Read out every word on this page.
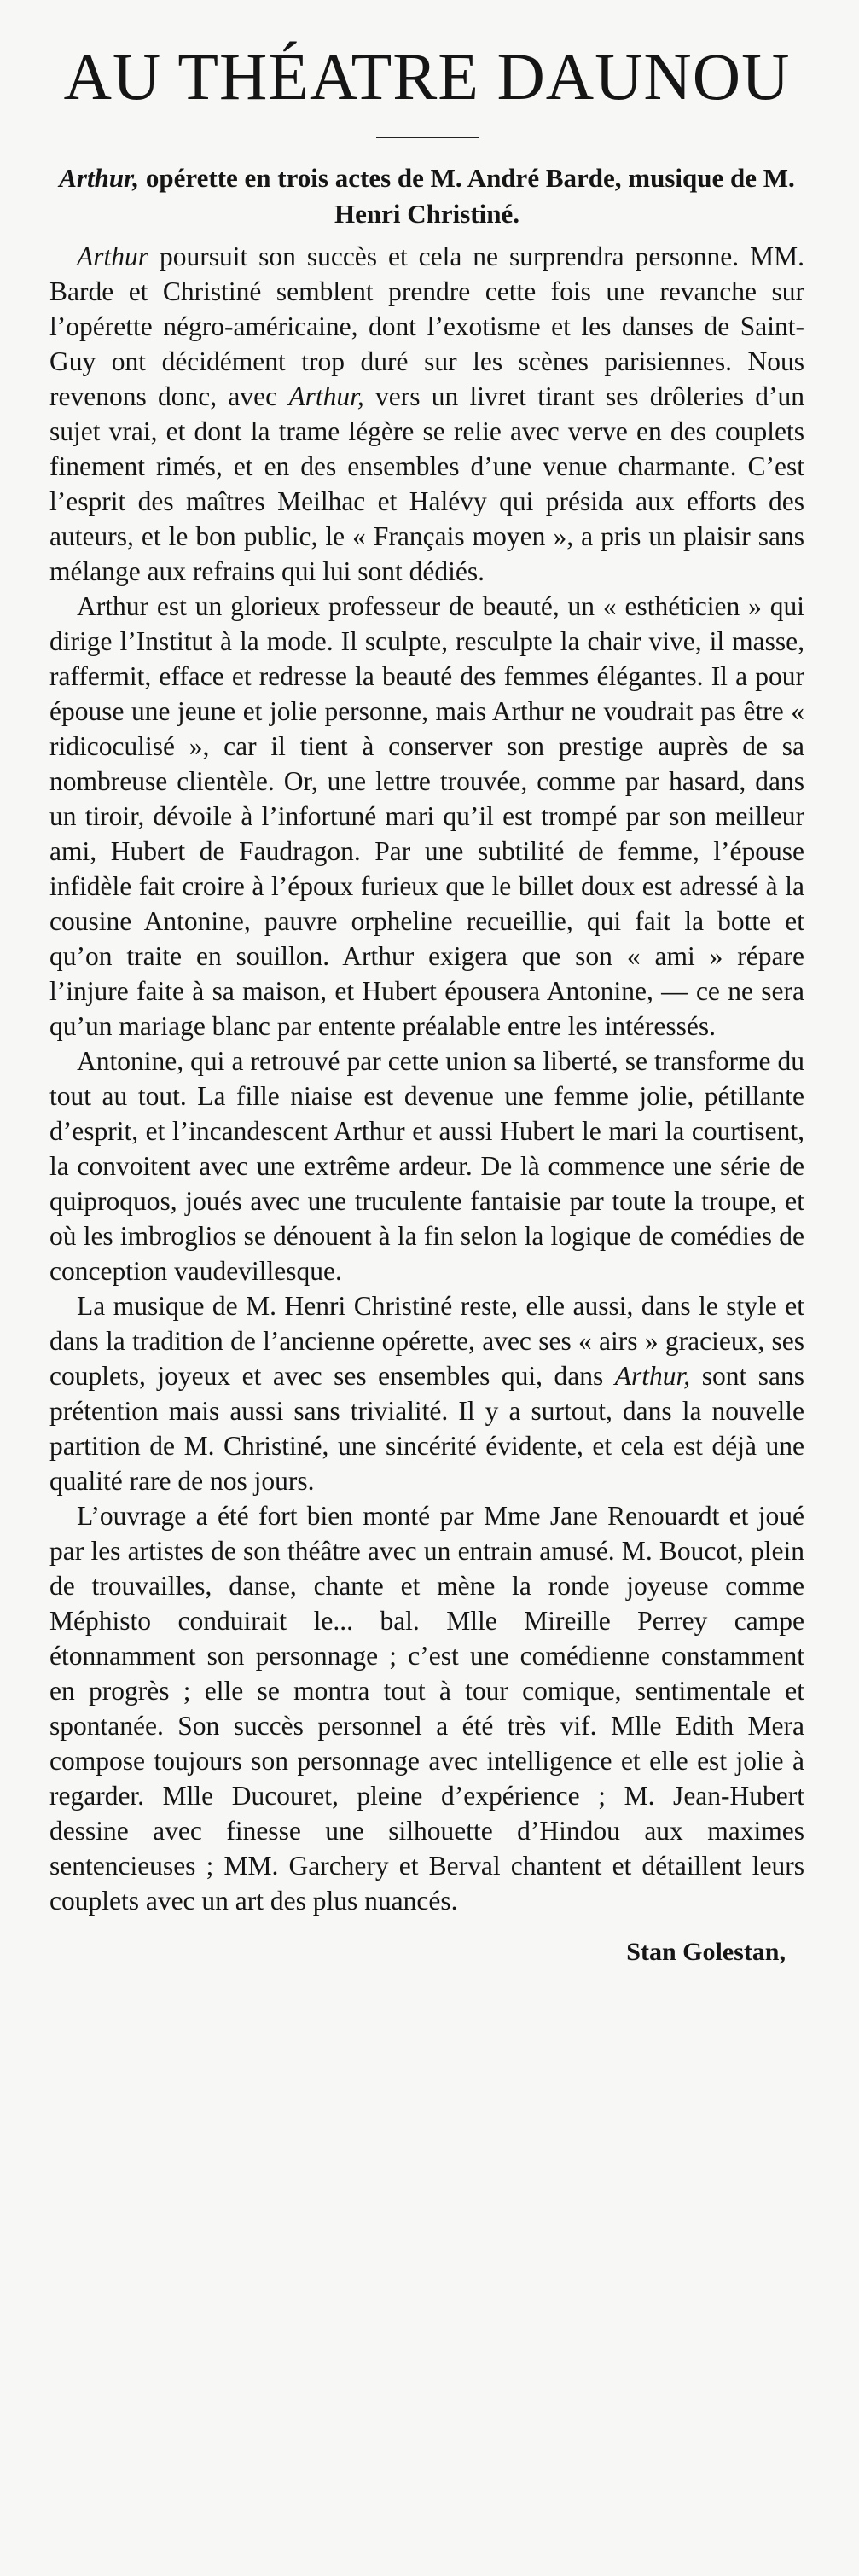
AU THÉATRE DAUNOU

Arthur, opérette en trois actes de M. André Barde, musique de M. Henri Christiné.

Arthur poursuit son succès et cela ne surprendra personne. MM. Barde et Christiné semblent prendre cette fois une revanche sur l’opérette négro-américaine, dont l’exotisme et les danses de Saint-Guy ont décidément trop duré sur les scènes parisiennes. Nous revenons donc, avec Arthur, vers un livret tirant ses drôleries d’un sujet vrai, et dont la trame légère se relie avec verve en des couplets finement rimés, et en des ensembles d’une venue charmante. C’est l’esprit des maîtres Meilhac et Halévy qui présida aux efforts des auteurs, et le bon public, le « Français moyen », a pris un plaisir sans mélange aux refrains qui lui sont dédiés.

Arthur est un glorieux professeur de beauté, un « esthéticien » qui dirige l’Institut à la mode. Il sculpte, resculpte la chair vive, il masse, raffermit, efface et redresse la beauté des femmes élégantes. Il a pour épouse une jeune et jolie personne, mais Arthur ne voudrait pas être « ridicoculisé », car il tient à conserver son prestige auprès de sa nombreuse clientèle. Or, une lettre trouvée, comme par hasard, dans un tiroir, dévoile à l’infortuné mari qu’il est trompé par son meilleur ami, Hubert de Faudragon. Par une subtilité de femme, l’épouse infidèle fait croire à l’époux furieux que le billet doux est adressé à la cousine Antonine, pauvre orpheline recueillie, qui fait la botte et qu’on traite en souillon. Arthur exigera que son « ami » répare l’injure faite à sa maison, et Hubert épousera Antonine, — ce ne sera qu’un mariage blanc par entente préalable entre les intéressés.

Antonine, qui a retrouvé par cette union sa liberté, se transforme du tout au tout. La fille niaise est devenue une femme jolie, pétillante d’esprit, et l’incandescent Arthur et aussi Hubert le mari la courtisent, la convoitent avec une extrême ardeur. De là commence une série de quiproquos, joués avec une truculente fantaisie par toute la troupe, et où les imbroglios se dénouent à la fin selon la logique de comédies de conception vaudevillesque.

La musique de M. Henri Christiné reste, elle aussi, dans le style et dans la tradition de l’ancienne opérette, avec ses « airs » gracieux, ses couplets, joyeux et avec ses ensembles qui, dans Arthur, sont sans prétention mais aussi sans trivialité. Il y a surtout, dans la nouvelle partition de M. Christiné, une sincérité évidente, et cela est déjà une qualité rare de nos jours.

L’ouvrage a été fort bien monté par Mme Jane Renouardt et joué par les artistes de son théâtre avec un entrain amusé. M. Boucot, plein de trouvailles, danse, chante et mène la ronde joyeuse comme Méphisto conduirait le... bal. Mlle Mireille Perrey campe étonnamment son personnage ; c’est une comédienne constamment en progrès ; elle se montra tout à tour comique, sentimentale et spontanée. Son succès personnel a été très vif. Mlle Edith Mera compose toujours son personnage avec intelligence et elle est jolie à regarder. Mlle Ducouret, pleine d’expérience ; M. Jean-Hubert dessine avec finesse une silhouette d’Hindou aux maximes sentencieuses ; MM. Garchery et Berval chantent et détaillent leurs couplets avec un art des plus nuancés.

Stan Golestan,
